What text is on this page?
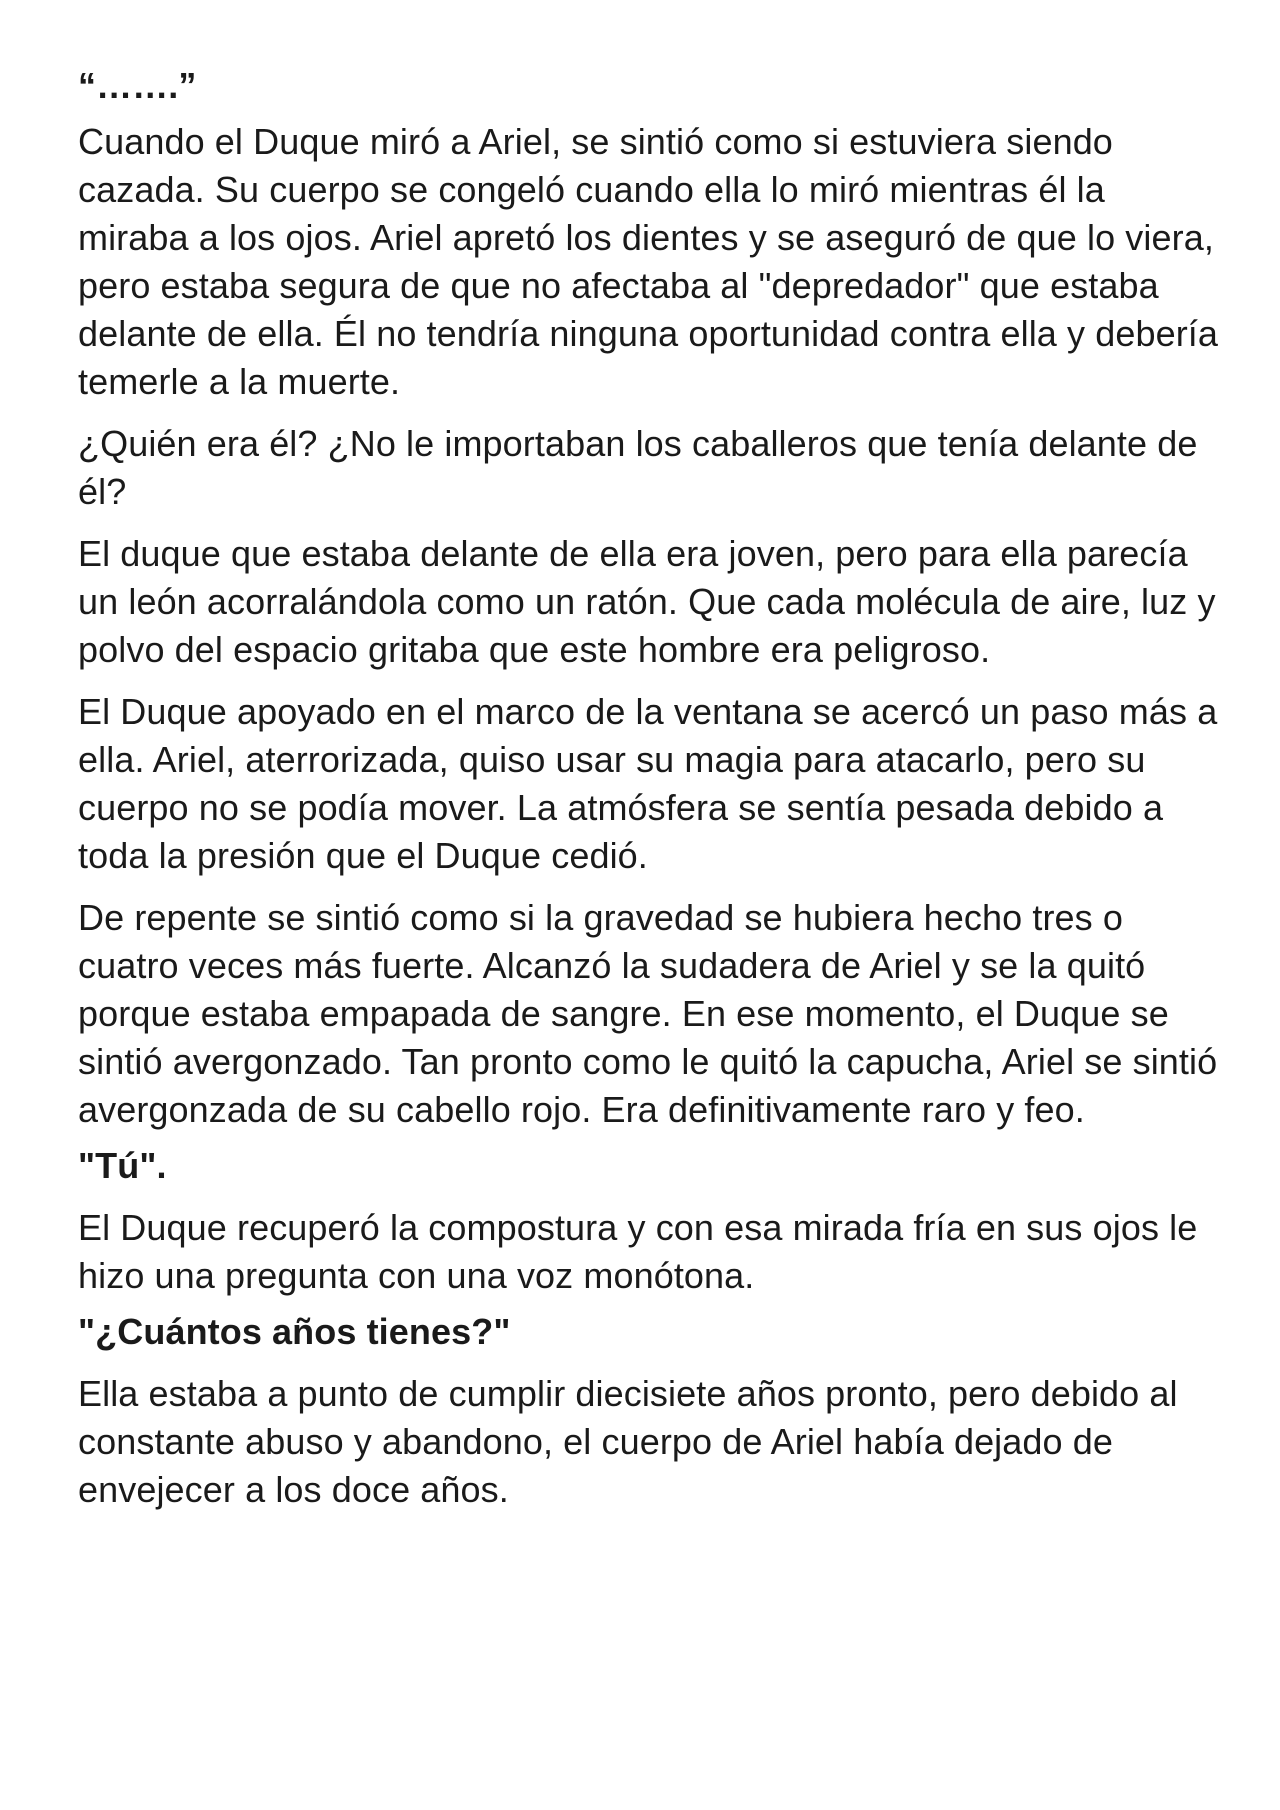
“…….”

Cuando el Duque miró a Ariel, se sintió como si estuviera siendo cazada. Su cuerpo se congeló cuando ella lo miró mientras él la miraba a los ojos. Ariel apretó los dientes y se aseguró de que lo viera, pero estaba segura de que no afectaba al "depredador" que estaba delante de ella. Él no tendría ninguna oportunidad contra ella y debería temerle a la muerte.

¿Quién era él? ¿No le importaban los caballeros que tenía delante de él?

El duque que estaba delante de ella era joven, pero para ella parecía un león acorralándola como un ratón. Que cada molécula de aire, luz y polvo del espacio gritaba que este hombre era peligroso.

El Duque apoyado en el marco de la ventana se acercó un paso más a ella. Ariel, aterrorizada, quiso usar su magia para atacarlo, pero su cuerpo no se podía mover. La atmósfera se sentía pesada debido a toda la presión que el Duque cedió.

De repente se sintió como si la gravedad se hubiera hecho tres o cuatro veces más fuerte. Alcanzó la sudadera de Ariel y se la quitó porque estaba empapada de sangre. En ese momento, el Duque se sintió avergonzado. Tan pronto como le quitó la capucha, Ariel se sintió avergonzada de su cabello rojo. Era definitivamente raro y feo.

"Tú".

El Duque recuperó la compostura y con esa mirada fría en sus ojos le hizo una pregunta con una voz monótona.

"¿Cuántos años tienes?"

Ella estaba a punto de cumplir diecisiete años pronto, pero debido al constante abuso y abandono, el cuerpo de Ariel había dejado de envejecer a los doce años.
